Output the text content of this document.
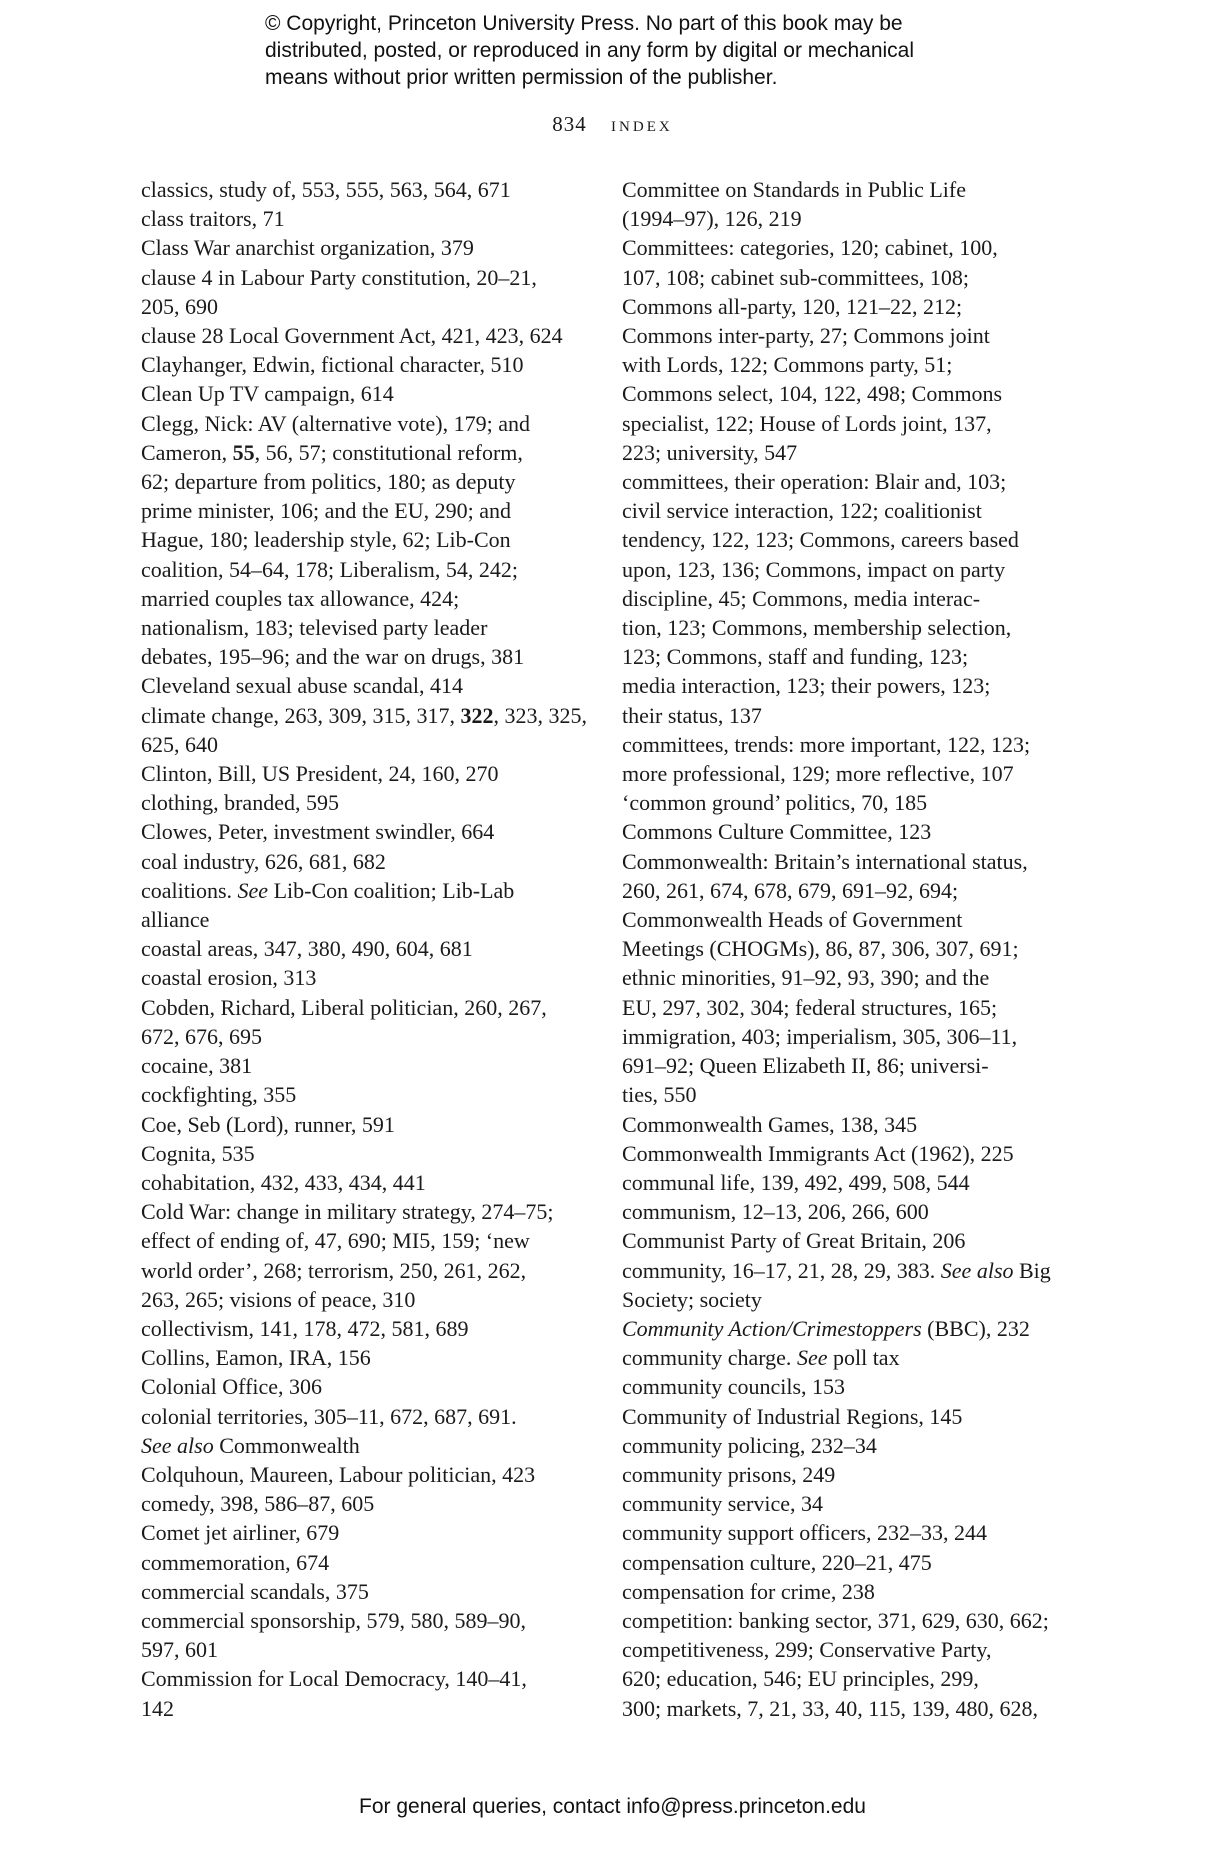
© Copyright, Princeton University Press. No part of this book may be
distributed, posted, or reproduced in any form by digital or mechanical
means without prior written permission of the publisher.
834 index
classics, study of, 553, 555, 563, 564, 671
class traitors, 71
Class War anarchist organization, 379
clause 4 in Labour Party constitution, 20–21,
205, 690
clause 28 Local Government Act, 421, 423, 624
Clayhanger, Edwin, fictional character, 510
Clean Up TV campaign, 614
Clegg, Nick: AV (alternative vote), 179; and
Cameron, 55, 56, 57; constitutional reform,
62; departure from politics, 180; as deputy
prime minister, 106; and the EU, 290; and
Hague, 180; leadership style, 62; Lib-Con
coalition, 54–64, 178; Liberalism, 54, 242;
married couples tax allowance, 424;
nationalism, 183; televised party leader
debates, 195–96; and the war on drugs, 381
Cleveland sexual abuse scandal, 414
climate change, 263, 309, 315, 317, 322, 323, 325,
625, 640
Clinton, Bill, US President, 24, 160, 270
clothing, branded, 595
Clowes, Peter, investment swindler, 664
coal industry, 626, 681, 682
coalitions. See Lib-Con coalition; Lib-Lab
alliance
coastal areas, 347, 380, 490, 604, 681
coastal erosion, 313
Cobden, Richard, Liberal politician, 260, 267,
672, 676, 695
cocaine, 381
cockfighting, 355
Coe, Seb (Lord), runner, 591
Cognita, 535
cohabitation, 432, 433, 434, 441
Cold War: change in military strategy, 274–75;
effect of ending of, 47, 690; MI5, 159; ‘new
world order’, 268; terrorism, 250, 261, 262,
263, 265; visions of peace, 310
collectivism, 141, 178, 472, 581, 689
Collins, Eamon, IRA, 156
Colonial Office, 306
colonial territories, 305–11, 672, 687, 691.
See also Commonwealth
Colquhoun, Maureen, Labour politician, 423
comedy, 398, 586–87, 605
Comet jet airliner, 679
commemoration, 674
commercial scandals, 375
commercial sponsorship, 579, 580, 589–90,
597, 601
Commission for Local Democracy, 140–41,
142
Committee on Standards in Public Life
(1994–97), 126, 219
Committees: categories, 120; cabinet, 100,
107, 108; cabinet sub-committees, 108;
Commons all-party, 120, 121–22, 212;
Commons inter-party, 27; Commons joint
with Lords, 122; Commons party, 51;
Commons select, 104, 122, 498; Commons
specialist, 122; House of Lords joint, 137,
223; university, 547
committees, their operation: Blair and, 103;
civil service interaction, 122; coalitionist
tendency, 122, 123; Commons, careers based
upon, 123, 136; Commons, impact on party
discipline, 45; Commons, media interac-
tion, 123; Commons, membership selection,
123; Commons, staff and funding, 123;
media interaction, 123; their powers, 123;
their status, 137
committees, trends: more important, 122, 123;
more professional, 129; more reflective, 107
‘common ground’ politics, 70, 185
Commons Culture Committee, 123
Commonwealth: Britain’s international status,
260, 261, 674, 678, 679, 691–92, 694;
Commonwealth Heads of Government
Meetings (CHOGMs), 86, 87, 306, 307, 691;
ethnic minorities, 91–92, 93, 390; and the
EU, 297, 302, 304; federal structures, 165;
immigration, 403; imperialism, 305, 306–11,
691–92; Queen Elizabeth II, 86; universi-
ties, 550
Commonwealth Games, 138, 345
Commonwealth Immigrants Act (1962), 225
communal life, 139, 492, 499, 508, 544
communism, 12–13, 206, 266, 600
Communist Party of Great Britain, 206
community, 16–17, 21, 28, 29, 383. See also Big
Society; society
Community Action/Crimestoppers (BBC), 232
community charge. See poll tax
community councils, 153
Community of Industrial Regions, 145
community policing, 232–34
community prisons, 249
community service, 34
community support officers, 232–33, 244
compensation culture, 220–21, 475
compensation for crime, 238
competition: banking sector, 371, 629, 630, 662;
competitiveness, 299; Conservative Party,
620; education, 546; EU principles, 299,
300; markets, 7, 21, 33, 40, 115, 139, 480, 628,
For general queries, contact info@press.princeton.edu
